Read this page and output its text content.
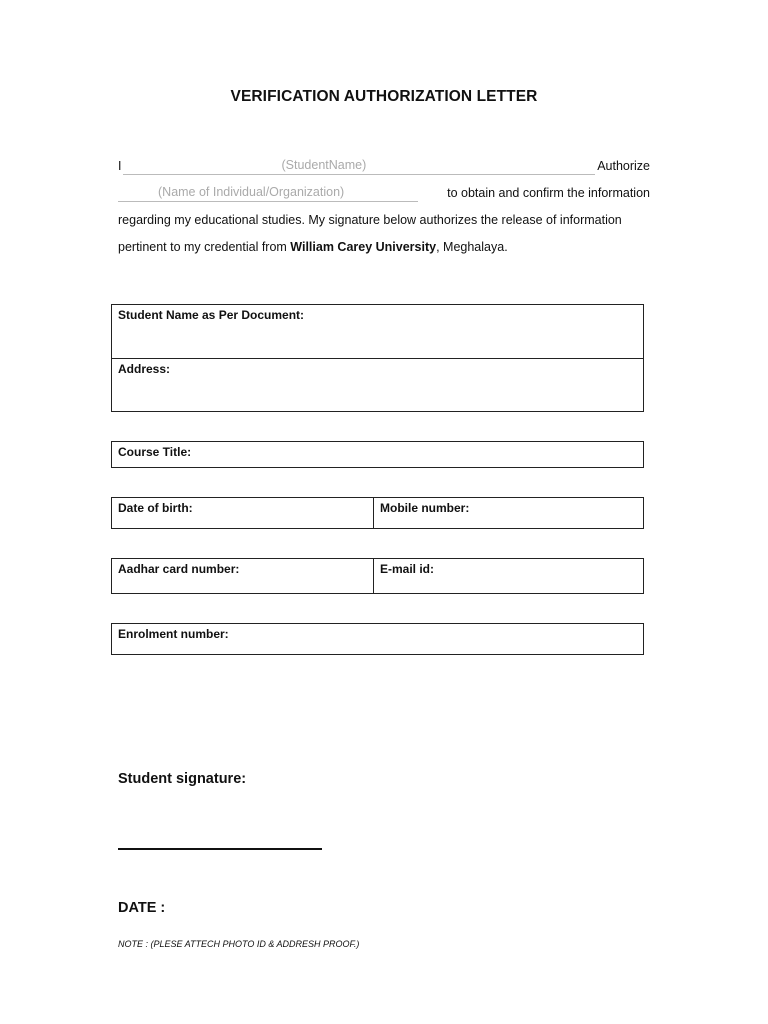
VERIFICATION AUTHORIZATION LETTER
I	(StudentName)	Authorize
(Name of Individual/Organization)	to obtain and confirm the information
regarding my educational studies. My signature below authorizes the release of information
pertinent to my credential from William Carey University, Meghalaya.
Student Name as Per Document:
Address:
Course Title:
Date of birth:	Mobile number:
Aadhar card number:	E-mail id:
Enrolment number:
Student signature:
DATE :
NOTE : (PLESE ATTECH PHOTO ID & ADDRESH PROOF.)
